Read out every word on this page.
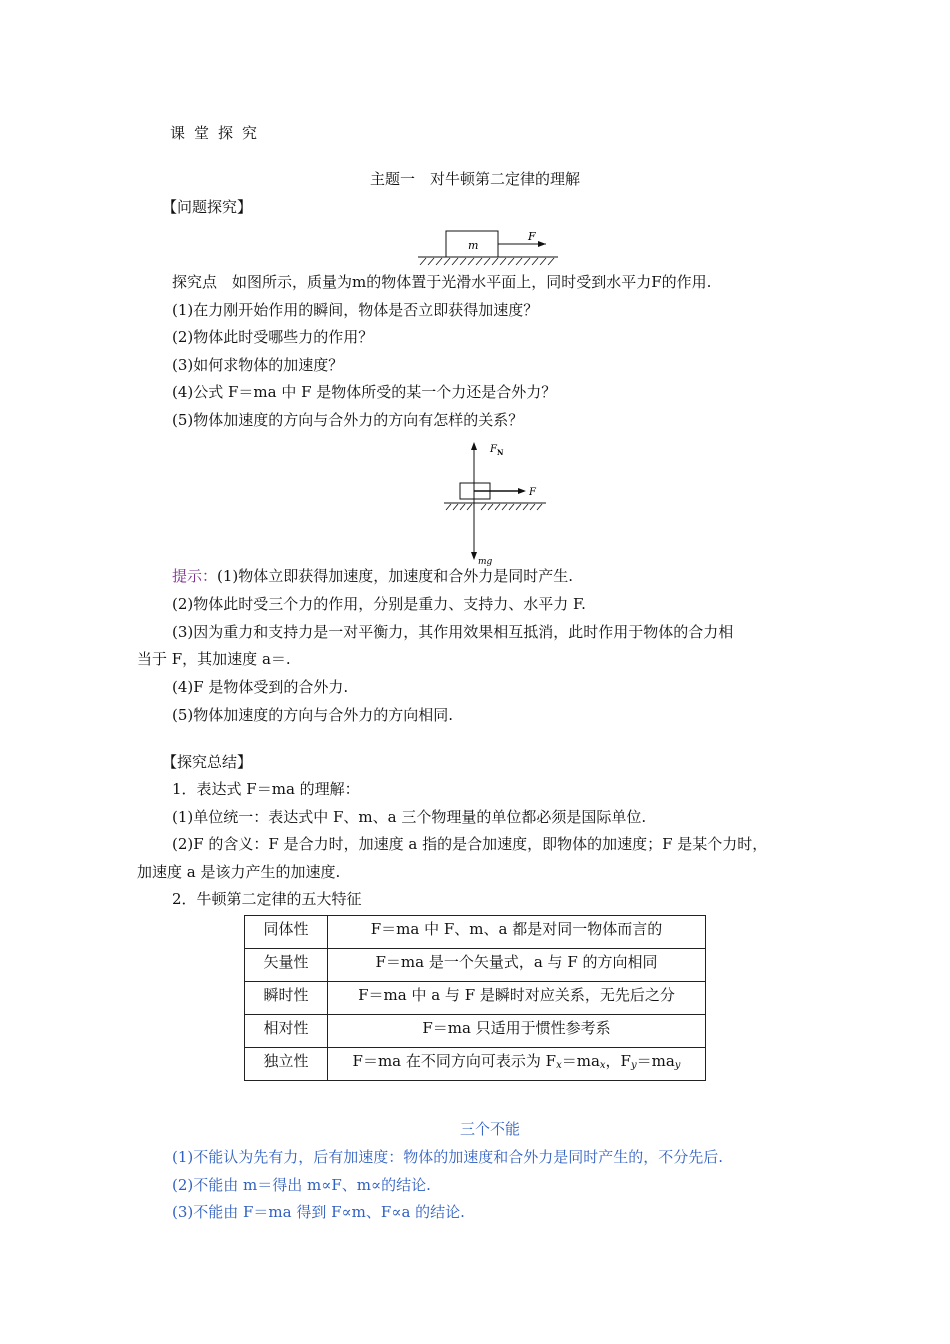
课堂探究
主题一　对牛顿第二定律的理解
【问题探究】
m
F
探究点　如图所示，质量为m的物体置于光滑水平面上，同时受到水平力F的作用.
(1)在力刚开始作用的瞬间，物体是否立即获得加速度？
(2)物体此时受哪些力的作用？
(3)如何求物体的加速度？
(4)公式 F＝ma 中 F 是物体所受的某一个力还是合外力？
(5)物体加速度的方向与合外力的方向有怎样的关系？
F N
F
mg
提示：(1)物体立即获得加速度，加速度和合外力是同时产生.
(2)物体此时受三个力的作用，分别是重力、支持力、水平力 F.
(3)因为重力和支持力是一对平衡力，其作用效果相互抵消，此时作用于物体的合力相
当于 F，其加速度 a＝.
(4)F 是物体受到的合外力.
(5)物体加速度的方向与合外力的方向相同.
【探究总结】
1．表达式 F＝ma 的理解：
(1)单位统一：表达式中 F、m、a 三个物理量的单位都必须是国际单位.
(2)F 的含义：F 是合力时，加速度 a 指的是合加速度，即物体的加速度；F 是某个力时，
加速度 a 是该力产生的加速度.
2．牛顿第二定律的五大特征
同体性	F＝ma 中 F、m、a 都是对同一物体而言的
矢量性	F＝ma 是一个矢量式，a 与 F 的方向相同
瞬时性	F＝ma 中 a 与 F 是瞬时对应关系，无先后之分
相对性	F＝ma 只适用于惯性参考系
独立性	F＝ma 在不同方向可表示为 $F_x=ma_x$，$F_y=ma_y$
三个不能
(1)不能认为先有力，后有加速度：物体的加速度和合外力是同时产生的，不分先后.
(2)不能由 m＝得出 m∝F、m∝的结论.
(3)不能由 F＝ma 得到 F∝m、F∝a 的结论.
